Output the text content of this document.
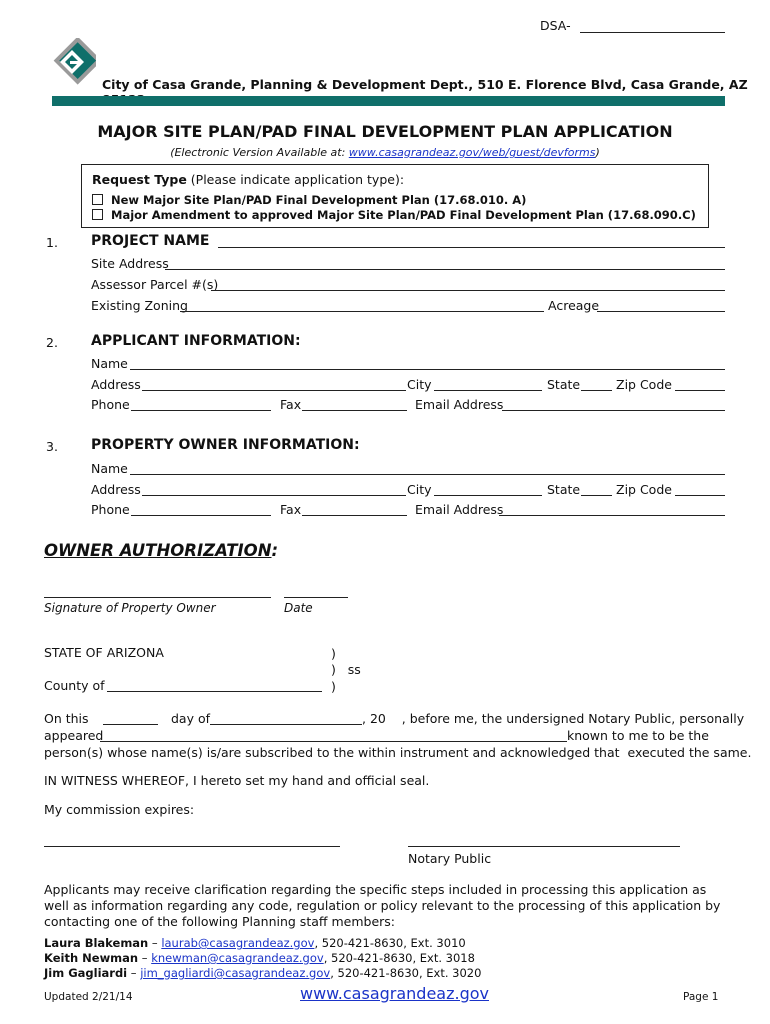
DSA-
City of Casa Grande, Planning & Development Dept., 510 E. Florence Blvd, Casa Grande, AZ
MAJOR SITE PLAN/PAD FINAL DEVELOPMENT PLAN APPLICATION
(Electronic Version Available at: www.casagrandeaz.gov/web/guest/devforms)
Request Type (Please indicate application type):
New Major Site Plan/PAD Final Development Plan (17.68.010. A)
Major Amendment to approved Major Site Plan/PAD Final Development Plan (17.68.090.C)
1. PROJECT NAME
Site Address
Assessor Parcel #(s)
Existing Zoning	Acreage
2. APPLICANT INFORMATION:
Name
Address	City	State	Zip Code
Phone	Fax	Email Address
3. PROPERTY OWNER INFORMATION:
Name
Address	City	State	Zip Code
Phone	Fax	Email Address
OWNER AUTHORIZATION:
Signature of Property Owner	Date
STATE OF ARIZONA	)
)   ss
)
County of
On this	day of	, 20    , before me, the undersigned Notary Public, personally
appeared	known to me to be the
person(s) whose name(s) is/are subscribed to the within instrument and acknowledged that  executed the same.
IN WITNESS WHEREOF, I hereto set my hand and official seal.
My commission expires:
Notary Public
Applicants may receive clarification regarding the specific steps included in processing this application as well as information regarding any code, regulation or policy relevant to the processing of this application by contacting one of the following Planning staff members:
Laura Blakeman – laurab@casagrandeaz.gov, 520-421-8630, Ext. 3010
Keith Newman – knewman@casagrandeaz.gov, 520-421-8630, Ext. 3018
Jim Gagliardi – jim_gagliardi@casagrandeaz.gov, 520-421-8630, Ext. 3020
Updated 2/21/14	www.casagrandeaz.gov	Page 1
